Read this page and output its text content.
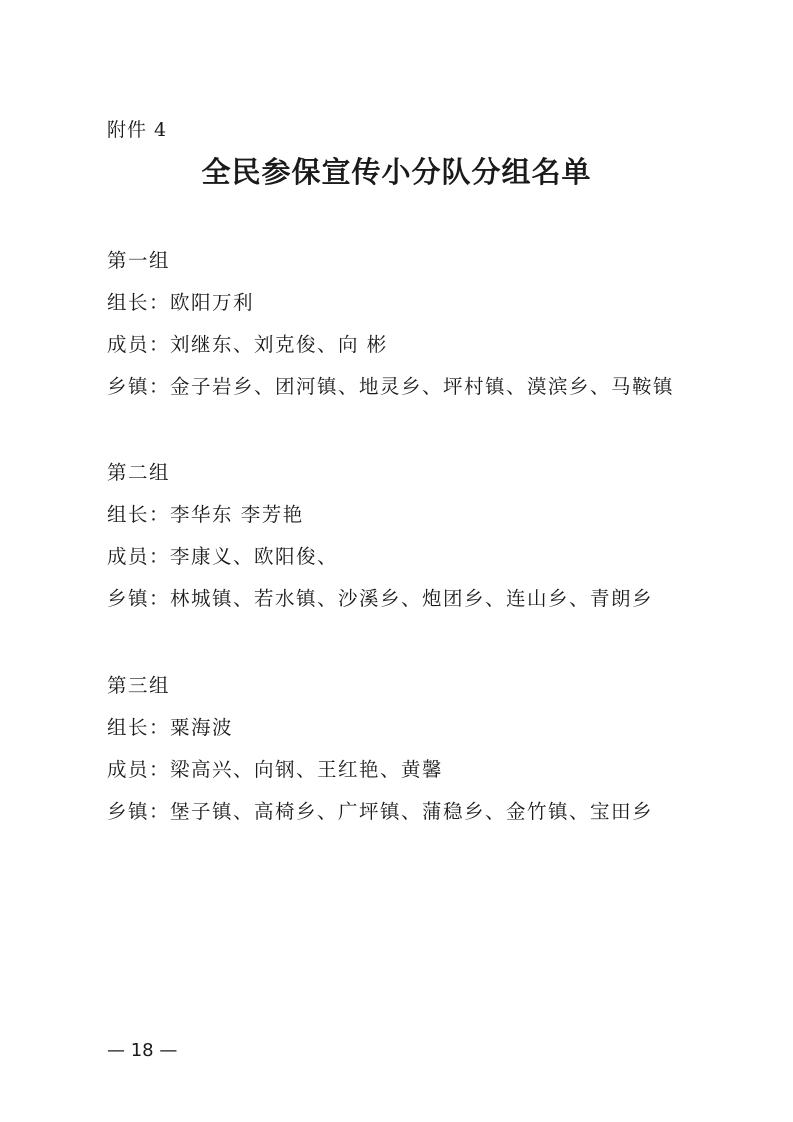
附件 4
全民参保宣传小分队分组名单
第一组
组长：欧阳万利
成员：刘继东、刘克俊、向 彬
乡镇：金子岩乡、团河镇、地灵乡、坪村镇、漠滨乡、马鞍镇
第二组
组长：李华东 李芳艳
成员：李康义、欧阳俊、
乡镇：林城镇、若水镇、沙溪乡、炮团乡、连山乡、青朗乡
第三组
组长：粟海波
成员：梁高兴、向钢、王红艳、黄馨
乡镇：堡子镇、高椅乡、广坪镇、蒲稳乡、金竹镇、宝田乡
— 18 —
